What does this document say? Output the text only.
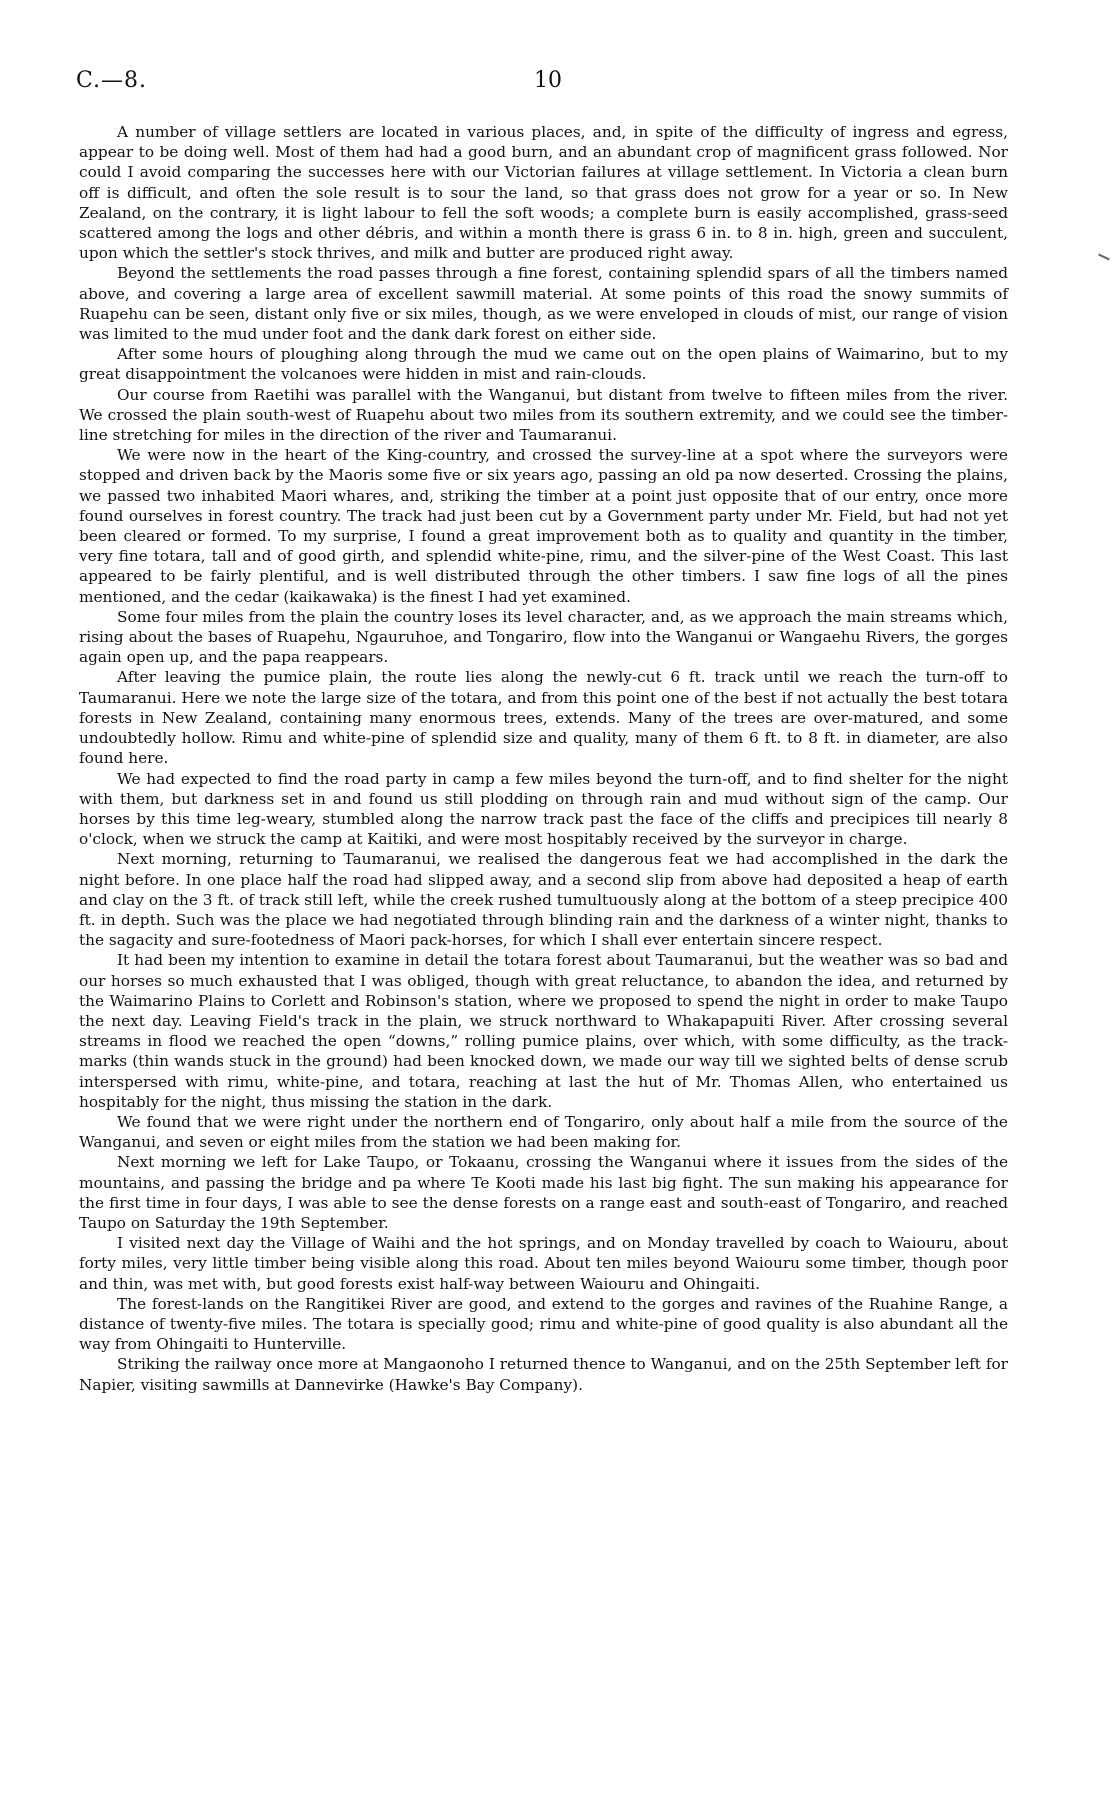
C.—8.	10

A number of village settlers are located in various places, and, in spite of the difficulty of ingress and egress, appear to be doing well. Most of them had had a good burn, and an abundant crop of magnificent grass followed. Nor could I avoid comparing the successes here with our Victorian failures at village settlement. In Victoria a clean burn off is difficult, and often the sole result is to sour the land, so that grass does not grow for a year or so. In New Zealand, on the contrary, it is light labour to fell the soft woods; a complete burn is easily accomplished, grass-seed scattered among the logs and other débris, and within a month there is grass 6 in. to 8 in. high, green and succulent, upon which the settler's stock thrives, and milk and butter are produced right away.

Beyond the settlements the road passes through a fine forest, containing splendid spars of all the timbers named above, and covering a large area of excellent sawmill material. At some points of this road the snowy summits of Ruapehu can be seen, distant only five or six miles, though, as we were enveloped in clouds of mist, our range of vision was limited to the mud under foot and the dank dark forest on either side.

After some hours of ploughing along through the mud we came out on the open plains of Waimarino, but to my great disappointment the volcanoes were hidden in mist and rain-clouds.

Our course from Raetihi was parallel with the Wanganui, but distant from twelve to fifteen miles from the river. We crossed the plain south-west of Ruapehu about two miles from its southern extremity, and we could see the timber-line stretching for miles in the direction of the river and Taumaranui.

We were now in the heart of the King-country, and crossed the survey-line at a spot where the surveyors were stopped and driven back by the Maoris some five or six years ago, passing an old pa now deserted. Crossing the plains, we passed two inhabited Maori whares, and, striking the timber at a point just opposite that of our entry, once more found ourselves in forest country. The track had just been cut by a Government party under Mr. Field, but had not yet been cleared or formed. To my surprise, I found a great improvement both as to quality and quantity in the timber, very fine totara, tall and of good girth, and splendid white-pine, rimu, and the silver-pine of the West Coast. This last appeared to be fairly plentiful, and is well distributed through the other timbers. I saw fine logs of all the pines mentioned, and the cedar (kaikawaka) is the finest I had yet examined.

Some four miles from the plain the country loses its level character, and, as we approach the main streams which, rising about the bases of Ruapehu, Ngauruhoe, and Tongariro, flow into the Wanganui or Wangaehu Rivers, the gorges again open up, and the papa reappears.

After leaving the pumice plain, the route lies along the newly-cut 6 ft. track until we reach the turn-off to Taumaranui. Here we note the large size of the totara, and from this point one of the best if not actually the best totara forests in New Zealand, containing many enormous trees, extends. Many of the trees are over-matured, and some undoubtedly hollow. Rimu and white-pine of splendid size and quality, many of them 6 ft. to 8 ft. in diameter, are also found here.

We had expected to find the road party in camp a few miles beyond the turn-off, and to find shelter for the night with them, but darkness set in and found us still plodding on through rain and mud without sign of the camp. Our horses by this time leg-weary, stumbled along the narrow track past the face of the cliffs and precipices till nearly 8 o'clock, when we struck the camp at Kaitiki, and were most hospitably received by the surveyor in charge.

Next morning, returning to Taumaranui, we realised the dangerous feat we had accomplished in the dark the night before. In one place half the road had slipped away, and a second slip from above had deposited a heap of earth and clay on the 3 ft. of track still left, while the creek rushed tumultuously along at the bottom of a steep precipice 400 ft. in depth. Such was the place we had negotiated through blinding rain and the darkness of a winter night, thanks to the sagacity and sure-footedness of Maori pack-horses, for which I shall ever entertain sincere respect.

It had been my intention to examine in detail the totara forest about Taumaranui, but the weather was so bad and our horses so much exhausted that I was obliged, though with great reluctance, to abandon the idea, and returned by the Waimarino Plains to Corlett and Robinson's station, where we proposed to spend the night in order to make Taupo the next day. Leaving Field's track in the plain, we struck northward to Whakapapuiti River. After crossing several streams in flood we reached the open “downs,” rolling pumice plains, over which, with some difficulty, as the track-marks (thin wands stuck in the ground) had been knocked down, we made our way till we sighted belts of dense scrub interspersed with rimu, white-pine, and totara, reaching at last the hut of Mr. Thomas Allen, who entertained us hospitably for the night, thus missing the station in the dark.

We found that we were right under the northern end of Tongariro, only about half a mile from the source of the Wanganui, and seven or eight miles from the station we had been making for.

Next morning we left for Lake Taupo, or Tokaanu, crossing the Wanganui where it issues from the sides of the mountains, and passing the bridge and pa where Te Kooti made his last big fight. The sun making his appearance for the first time in four days, I was able to see the dense forests on a range east and south-east of Tongariro, and reached Taupo on Saturday the 19th September.

I visited next day the Village of Waihi and the hot springs, and on Monday travelled by coach to Waiouru, about forty miles, very little timber being visible along this road. About ten miles beyond Waiouru some timber, though poor and thin, was met with, but good forests exist half-way between Waiouru and Ohingaiti.

The forest-lands on the Rangitikei River are good, and extend to the gorges and ravines of the Ruahine Range, a distance of twenty-five miles. The totara is specially good; rimu and white-pine of good quality is also abundant all the way from Ohingaiti to Hunterville.

Striking the railway once more at Mangaonoho I returned thence to Wanganui, and on the 25th September left for Napier, visiting sawmills at Dannevirke (Hawke's Bay Company).
